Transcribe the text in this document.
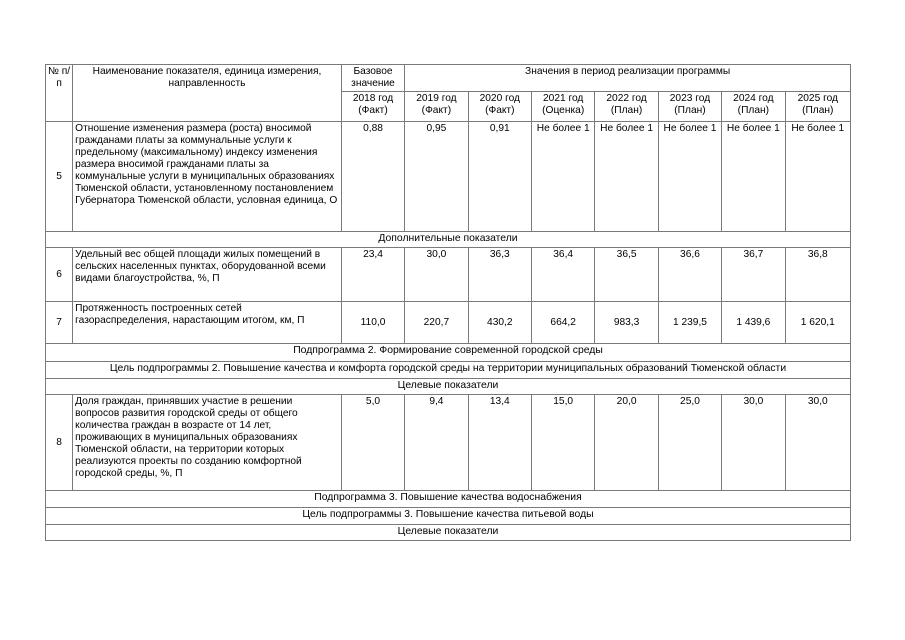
№ п/п	Наименование показателя, единица измерения, направленность	Базовое значение	Значения в период реализации программы						
		2018 год (Факт)	2019 год (Факт)	2020 год (Факт)	2021 год (Оценка)	2022 год (План)	2023 год (План)	2024 год (План)	2025 год (План)
5	Отношение изменения размера (роста) вносимой гражданами платы за коммунальные услуги к предельному (максимальному) индексу изменения размера вносимой гражданами платы за коммунальные услуги в муниципальных образованиях Тюменской области, установленному постановлением Губернатора Тюменской области, условная единица, О	0,88	0,95	0,91	Не более 1	Не более 1	Не более 1	Не более 1	Не более 1
Дополнительные показатели									
6	Удельный вес общей площади жилых помещений в сельских населенных пунктах, оборудованной всеми видами благоустройства, %, П	23,4	30,0	36,3	36,4	36,5	36,6	36,7	36,8
7	Протяженность построенных сетей газораспределения, нарастающим итогом, км, П	110,0	220,7	430,2	664,2	983,3	1 239,5	1 439,6	1 620,1
Подпрограмма 2. Формирование современной городской среды									
Цель подпрограммы 2. Повышение качества и комфорта городской среды на территории муниципальных образований Тюменской области									
Целевые показатели									
8	Доля граждан, принявших участие в решении вопросов развития городской среды от общего количества граждан в возрасте от 14 лет, проживающих в муниципальных образованиях Тюменской области, на территории которых реализуются проекты по созданию комфортной городской среды, %, П	5,0	9,4	13,4	15,0	20,0	25,0	30,0	30,0
Подпрограмма 3. Повышение качества водоснабжения									
Цель подпрограммы 3. Повышение качества питьевой воды									
Целевые показатели									
